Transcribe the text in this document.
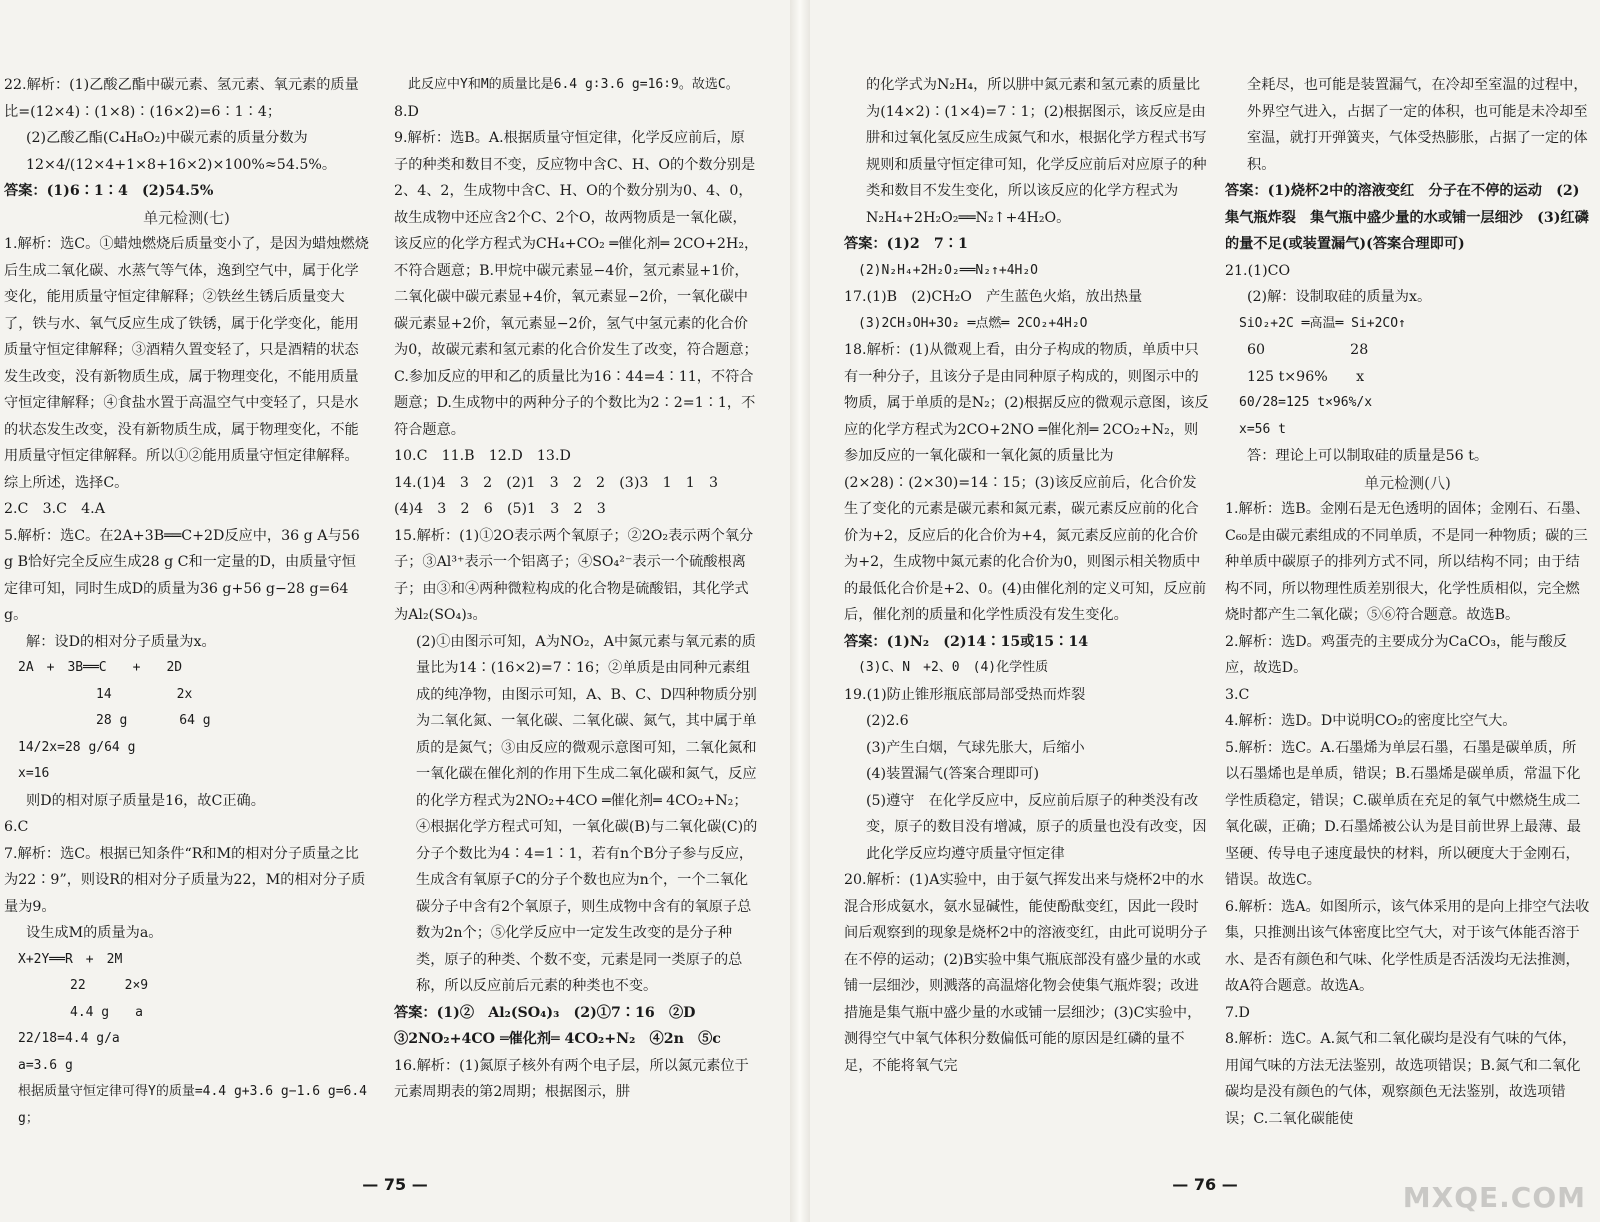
22.解析：(1)乙酸乙酯中碳元素、氢元素、氧元素的质量比=(12×4)∶(1×8)∶(16×2)=6∶1∶4；

(2)乙酸乙酯(C₄H₈O₂)中碳元素的质量分数为12×4/(12×4+1×8+16×2)×100%≈54.5%。

答案：(1)6∶1∶4　(2)54.5%

单元检测(七)

1.解析：选C。①蜡烛燃烧后质量变小了，是因为蜡烛燃烧后生成二氧化碳、水蒸气等气体，逸到空气中，属于化学变化，能用质量守恒定律解释；②铁丝生锈后质量变大了，铁与水、氧气反应生成了铁锈，属于化学变化，能用质量守恒定律解释；③酒精久置变轻了，只是酒精的状态发生改变，没有新物质生成，属于物理变化，不能用质量守恒定律解释；④食盐水置于高温空气中变轻了，只是水的状态发生改变，没有新物质生成，属于物理变化，不能用质量守恒定律解释。所以①②能用质量守恒定律解释。综上所述，选择C。

2.C　3.C　4.A

5.解析：选C。在2A+3B══C+2D反应中，36 g A与56 g B恰好完全反应生成28 g C和一定量的D，由质量守恒定律可知，同时生成D的质量为36 g+56 g−28 g=64 g。

解：设D的相对分子质量为x。

2A　+　3B══C　　+　　2D

　　　　　　14　　　　　2x

　　　　　　28 g　　　　64 g

14/2x=28 g/64 g

x=16

则D的相对原子质量是16，故C正确。

6.C

7.解析：选C。根据已知条件“R和M的相对分子质量之比为22∶9”，则设R的相对分子质量为22，M的相对分子质量为9。

设生成M的质量为a。

X+2Y══R　+　2M

　　　　22　　　2×9

　　　　4.4 g　　a

22/18=4.4 g/a

a=3.6 g

根据质量守恒定律可得Y的质量=4.4 g+3.6 g−1.6 g=6.4 g；

此反应中Y和M的质量比是6.4 g∶3.6 g=16∶9。故选C。

8.D

9.解析：选B。A.根据质量守恒定律，化学反应前后，原子的种类和数目不变，反应物中含C、H、O的个数分别是2、4、2，生成物中含C、H、O的个数分别为0、4、0，故生成物中还应含2个C、2个O，故两物质是一氧化碳，该反应的化学方程式为CH₄+CO₂ ═催化剂═ 2CO+2H₂，不符合题意；B.甲烷中碳元素显−4价，氢元素显+1价，二氧化碳中碳元素显+4价，氧元素显−2价，一氧化碳中碳元素显+2价，氧元素显−2价，氢气中氢元素的化合价为0，故碳元素和氢元素的化合价发生了改变，符合题意；C.参加反应的甲和乙的质量比为16∶44=4∶11，不符合题意；D.生成物中的两种分子的个数比为2∶2=1∶1，不符合题意。

10.C　11.B　12.D　13.D

14.(1)4　3　2　(2)1　3　2　2　(3)3　1　1　3　(4)4　3　2　6　(5)1　3　2　3

15.解析：(1)①2O表示两个氧原子；②2O₂表示两个氧分子；③Al³⁺表示一个铝离子；④SO₄²⁻表示一个硫酸根离子；由③和④两种微粒构成的化合物是硫酸铝，其化学式为Al₂(SO₄)₃。

(2)①由图示可知，A为NO₂，A中氮元素与氧元素的质量比为14∶(16×2)=7∶16；②单质是由同种元素组成的纯净物，由图示可知，A、B、C、D四种物质分别为二氧化氮、一氧化碳、二氧化碳、氮气，其中属于单质的是氮气；③由反应的微观示意图可知，二氧化氮和一氧化碳在催化剂的作用下生成二氧化碳和氮气，反应的化学方程式为2NO₂+4CO ═催化剂═ 4CO₂+N₂；④根据化学方程式可知，一氧化碳(B)与二氧化碳(C)的分子个数比为4∶4=1∶1，若有n个B分子参与反应，生成含有氧原子C的分子个数也应为n个，一个二氧化碳分子中含有2个氧原子，则生成物中含有的氧原子总数为2n个；⑤化学反应中一定发生改变的是分子种类，原子的种类、个数不变，元素是同一类原子的总称，所以反应前后元素的种类也不变。

答案：(1)②　Al₂(SO₄)₃　(2)①7∶16　②D　③2NO₂+4CO ═催化剂═ 4CO₂+N₂　④2n　⑤c

16.解析：(1)氮原子核外有两个电子层，所以氮元素位于元素周期表的第2周期；根据图示，肼

— 75 —

的化学式为N₂H₄，所以肼中氮元素和氢元素的质量比为(14×2)∶(1×4)=7∶1；(2)根据图示，该反应是由肼和过氧化氢反应生成氮气和水，根据化学方程式书写规则和质量守恒定律可知，化学反应前后对应原子的种类和数目不发生变化，所以该反应的化学方程式为N₂H₄+2H₂O₂══N₂↑+4H₂O。

答案：(1)2　7∶1

(2)N₂H₄+2H₂O₂══N₂↑+4H₂O

17.(1)B　(2)CH₂O　产生蓝色火焰，放出热量

(3)2CH₃OH+3O₂ ═点燃═ 2CO₂+4H₂O

18.解析：(1)从微观上看，由分子构成的物质，单质中只有一种分子，且该分子是由同种原子构成的，则图示中的物质，属于单质的是N₂；(2)根据反应的微观示意图，该反应的化学方程式为2CO+2NO ═催化剂═ 2CO₂+N₂，则参加反应的一氧化碳和一氧化氮的质量比为(2×28)∶(2×30)=14∶15；(3)该反应前后，化合价发生了变化的元素是碳元素和氮元素，碳元素反应前的化合价为+2，反应后的化合价为+4，氮元素反应前的化合价为+2，生成物中氮元素的化合价为0，则图示相关物质中的最低化合价是+2、0。(4)由催化剂的定义可知，反应前后，催化剂的质量和化学性质没有发生变化。

答案：(1)N₂　(2)14∶15或15∶14

(3)C、N　+2、0　(4)化学性质

19.(1)防止锥形瓶底部局部受热而炸裂

(2)2.6

(3)产生白烟，气球先胀大，后缩小

(4)装置漏气(答案合理即可)

(5)遵守　在化学反应中，反应前后原子的种类没有改变，原子的数目没有增减，原子的质量也没有改变，因此化学反应均遵守质量守恒定律

20.解析：(1)A实验中，由于氨气挥发出来与烧杯2中的水混合形成氨水，氨水显碱性，能使酚酞变红，因此一段时间后观察到的现象是烧杯2中的溶液变红，由此可说明分子在不停的运动；(2)B实验中集气瓶底部没有盛少量的水或铺一层细沙，则溅落的高温熔化物会使集气瓶炸裂；改进措施是集气瓶中盛少量的水或铺一层细沙；(3)C实验中，测得空气中氧气体积分数偏低可能的原因是红磷的量不足，不能将氧气完

全耗尽，也可能是装置漏气，在冷却至室温的过程中，外界空气进入，占据了一定的体积，也可能是未冷却至室温，就打开弹簧夹，气体受热膨胀，占据了一定的体积。

答案：(1)烧杯2中的溶液变红　分子在不停的运动　(2)集气瓶炸裂　集气瓶中盛少量的水或铺一层细沙　(3)红磷的量不足(或装置漏气)(答案合理即可)

21.(1)CO

(2)解：设制取硅的质量为x。

SiO₂+2C ═高温═ Si+2CO↑

60　　　　　　28

125 t×96%　　x

60/28=125 t×96%/x

x=56 t

答：理论上可以制取硅的质量是56 t。

单元检测(八)

1.解析：选B。金刚石是无色透明的固体；金刚石、石墨、C₆₀是由碳元素组成的不同单质，不是同一种物质；碳的三种单质中碳原子的排列方式不同，所以结构不同；由于结构不同，所以物理性质差别很大，化学性质相似，完全燃烧时都产生二氧化碳；⑤⑥符合题意。故选B。

2.解析：选D。鸡蛋壳的主要成分为CaCO₃，能与酸反应，故选D。

3.C

4.解析：选D。D中说明CO₂的密度比空气大。

5.解析：选C。A.石墨烯为单层石墨，石墨是碳单质，所以石墨烯也是单质，错误；B.石墨烯是碳单质，常温下化学性质稳定，错误；C.碳单质在充足的氧气中燃烧生成二氧化碳，正确；D.石墨烯被公认为是目前世界上最薄、最坚硬、传导电子速度最快的材料，所以硬度大于金刚石，错误。故选C。

6.解析：选A。如图所示，该气体采用的是向上排空气法收集，只推测出该气体密度比空气大，对于该气体能否溶于水、是否有颜色和气味、化学性质是否活泼均无法推测，故A符合题意。故选A。

7.D

8.解析：选C。A.氮气和二氧化碳均是没有气味的气体，用闻气味的方法无法鉴别，故选项错误；B.氮气和二氧化碳均是没有颜色的气体，观察颜色无法鉴别，故选项错误；C.二氧化碳能使

— 76 —	MXQE.COM
